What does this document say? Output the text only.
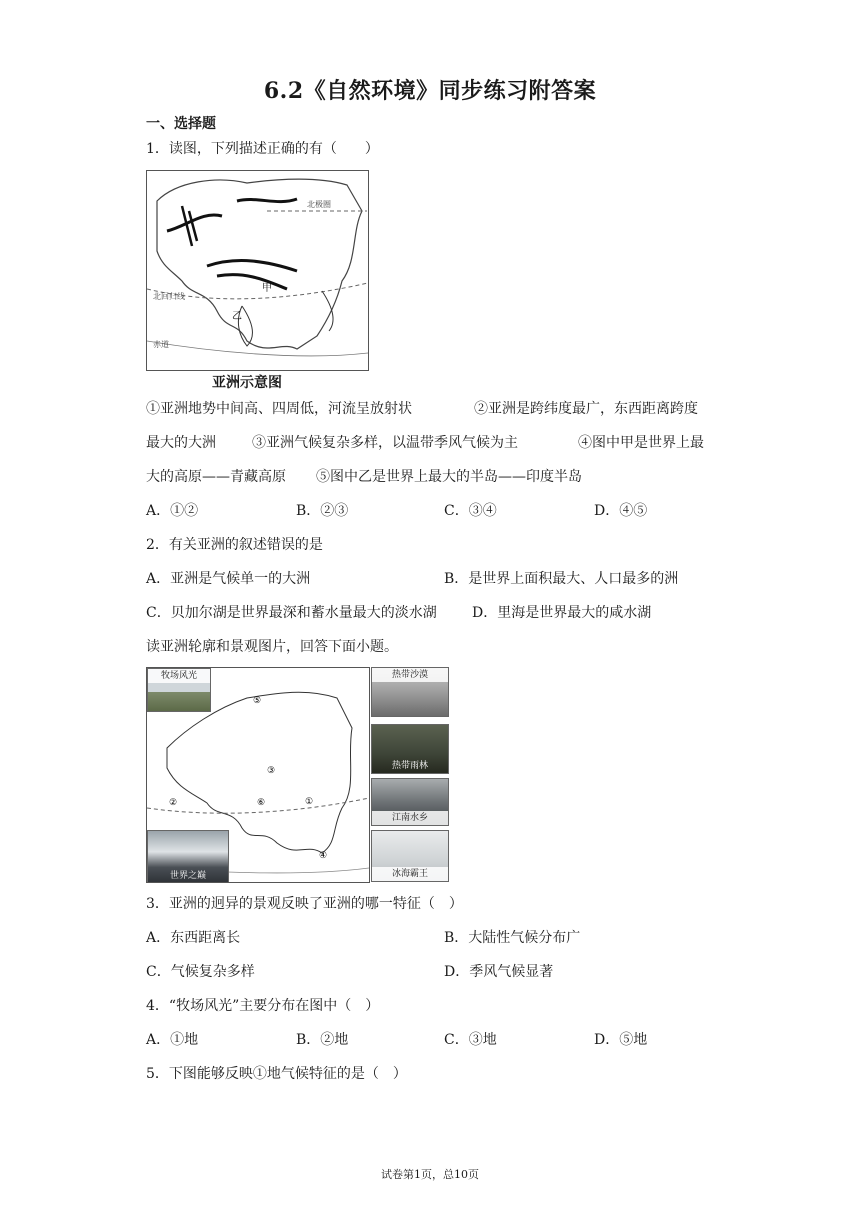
6.2《自然环境》同步练习附答案
一、选择题
1．读图，下列描述正确的有（　　）
北极圈
北回归线
赤道
甲
乙
亚洲示意图
①亚洲地势中间高、四周低，河流呈放射状	②亚洲是跨纬度最广，东西距离跨度
最大的大洲	③亚洲气候复杂多样，以温带季风气候为主	④图中甲是世界上最
大的高原——青藏高原 ⑤图中乙是世界上最大的半岛——印度半岛
A．①②	B．②③	C．③④	D．④⑤
2．有关亚洲的叙述错误的是
A．亚洲是气候单一的大洲	B．是世界上面积最大、人口最多的洲
C．贝加尔湖是世界最深和蓄水量最大的淡水湖	D．里海是世界最大的咸水湖
读亚洲轮廓和景观图片，回答下面小题。
⑤
③
⑥	①
②
④
牧场风光
世界之巅
热带沙漠
热带雨林
江南水乡
冰海霸王
3．亚洲的迥异的景观反映了亚洲的哪一特征（　）
A．东西距离长	B．大陆性气候分布广
C．气候复杂多样	D．季风气候显著
4．“牧场风光”主要分布在图中（　）
A．①地	B．②地	C．③地	D．⑤地
5．下图能够反映①地气候特征的是（　）
试卷第1页，总10页
